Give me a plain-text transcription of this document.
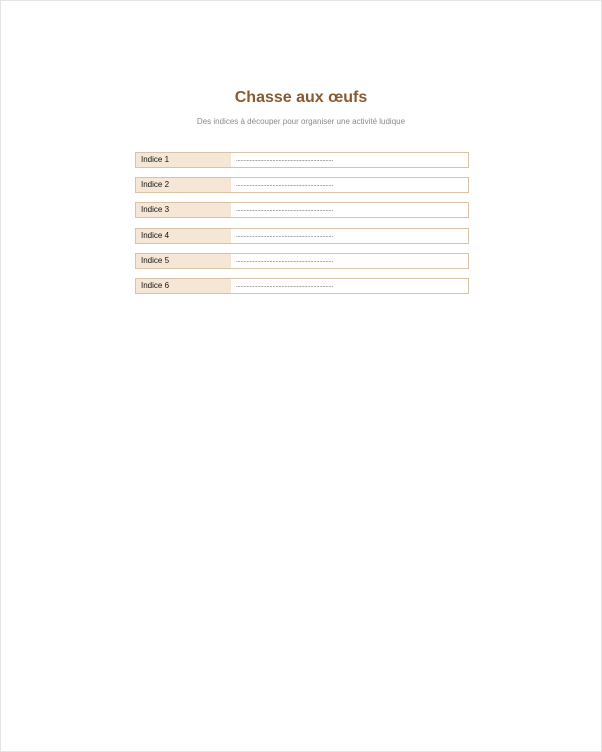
Chasse aux œufs
Des indices à découper pour organiser une activité ludique
Indice 1	................................................................
Indice 2	................................................................
Indice 3	................................................................
Indice 4	................................................................
Indice 5	................................................................
Indice 6	................................................................
